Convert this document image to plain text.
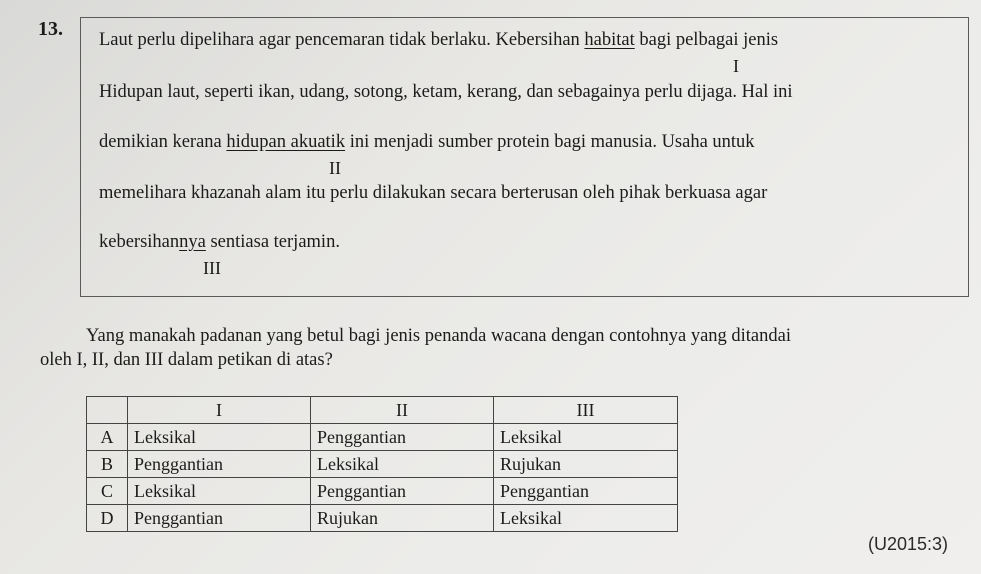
13. Laut perlu dipelihara agar pencemaran tidak berlaku. Kebersihan habitat bagi pelbagai jenis
I
Hidupan laut, seperti ikan, udang, sotong, ketam, kerang, dan sebagainya perlu dijaga. Hal ini
demikian kerana hidupan akuatik ini menjadi sumber protein bagi manusia. Usaha untuk
II
memelihara khazanah alam itu perlu dilakukan secara berterusan oleh pihak berkuasa agar
kebersihannya sentiasa terjamin.
III
Yang manakah padanan yang betul bagi jenis penanda wacana dengan contohnya yang ditandai
oleh I, II, dan III dalam petikan di atas?
	I	II	III
A	Leksikal	Penggantian	Leksikal
B	Penggantian	Leksikal	Rujukan
C	Leksikal	Penggantian	Penggantian
D	Penggantian	Rujukan	Leksikal
(U2015:3)
